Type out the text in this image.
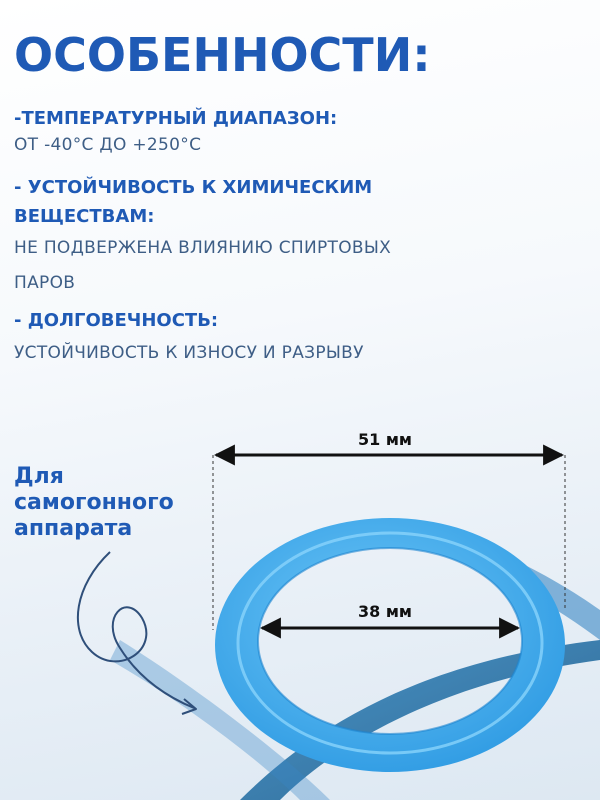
ОСОБЕННОСТИ:

-ТЕМПЕРАТУРНЫЙ ДИАПАЗОН:

ОТ -40°С ДО +250°С

- УСТОЙЧИВОСТЬ К ХИМИЧЕСКИМ

ВЕЩЕСТВАМ:

НЕ ПОДВЕРЖЕНА ВЛИЯНИЮ СПИРТОВЫХ

ПАРОВ

- ДОЛГОВЕЧНОСТЬ:

УСТОЙЧИВОСТЬ К ИЗНОСУ И РАЗРЫВУ

Для
самогонного
аппарата

51 мм
38 мм
